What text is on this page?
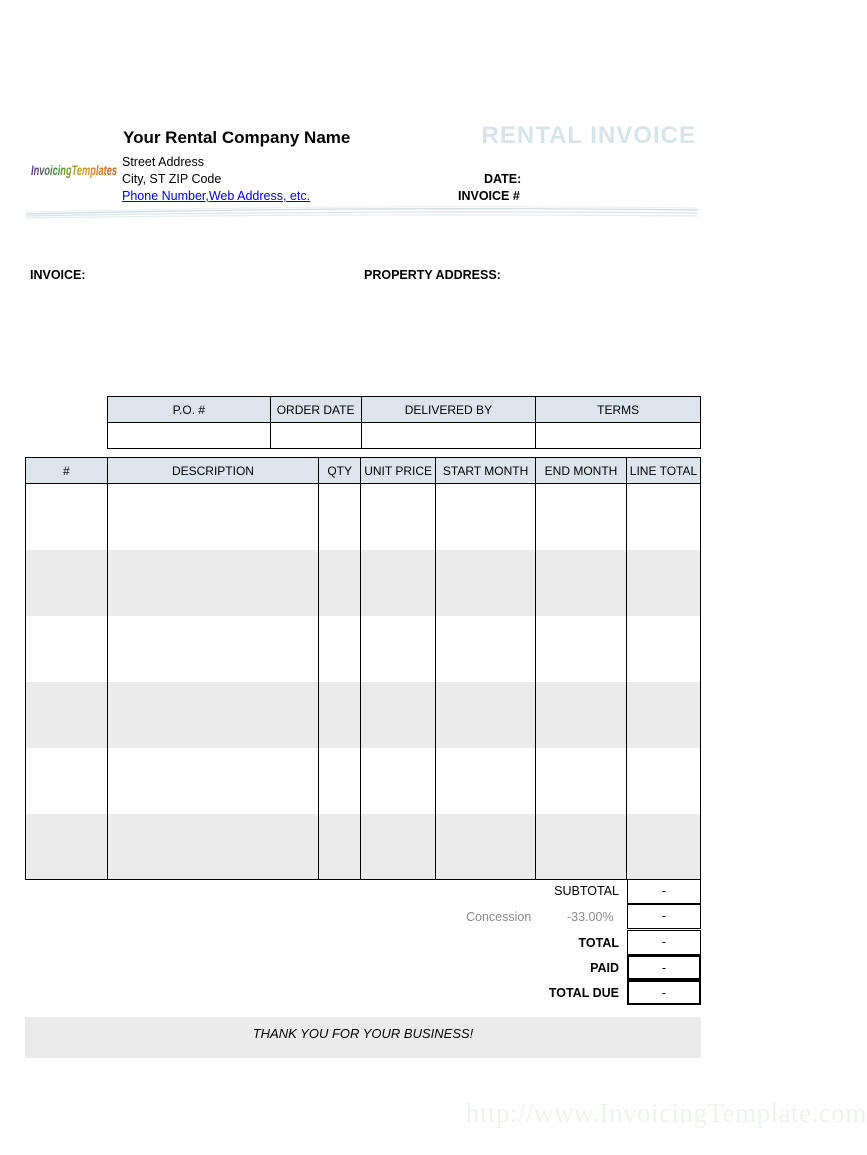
InvoicingTemplates
Your Rental Company Name
Street Address
City, ST ZIP Code
Phone Number,Web Address, etc.
RENTAL INVOICE
DATE:
INVOICE #
INVOICE:	PROPERTY ADDRESS:
P.O. #	ORDER DATE	DELIVERED BY	TERMS

#	DESCRIPTION	QTY	UNIT PRICE	START MONTH	END MONTH	LINE TOTAL

SUBTOTAL	-
Concession	-33.00%	-
TOTAL	-
PAID	-
TOTAL DUE	-
THANK YOU FOR YOUR BUSINESS!
http://www.InvoicingTemplate.com
